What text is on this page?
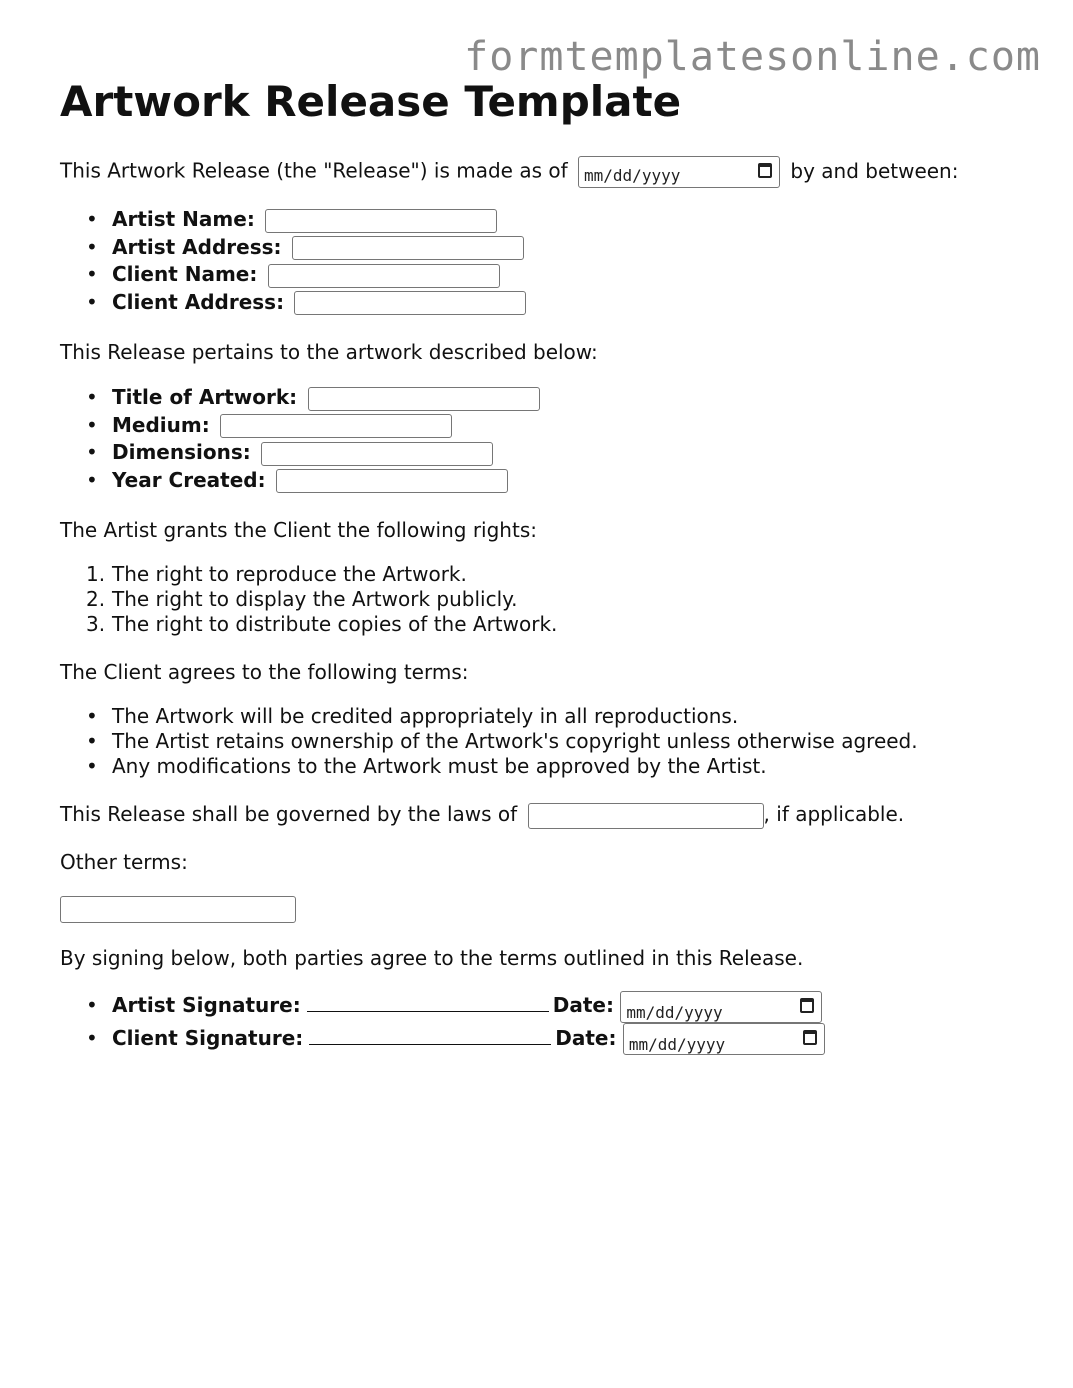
formtemplatesonline.com
Artwork Release Template
This Artwork Release (the "Release") is made as of mm/dd/yyyy	by and between:
• Artist Name:
• Artist Address:
• Client Name:
• Client Address:
This Release pertains to the artwork described below:
• Title of Artwork:
• Medium:
• Dimensions:
• Year Created:
The Artist grants the Client the following rights:
1. The right to reproduce the Artwork.
2. The right to display the Artwork publicly.
3. The right to distribute copies of the Artwork.
The Client agrees to the following terms:
• The Artwork will be credited appropriately in all reproductions.
• The Artist retains ownership of the Artwork's copyright unless otherwise agreed.
• Any modifications to the Artwork must be approved by the Artist.
This Release shall be governed by the laws of	, if applicable.
Other terms:
By signing below, both parties agree to the terms outlined in this Release.
• Artist Signature:	Date: mm/dd/yyyy
• Client Signature:	Date: mm/dd/yyyy
